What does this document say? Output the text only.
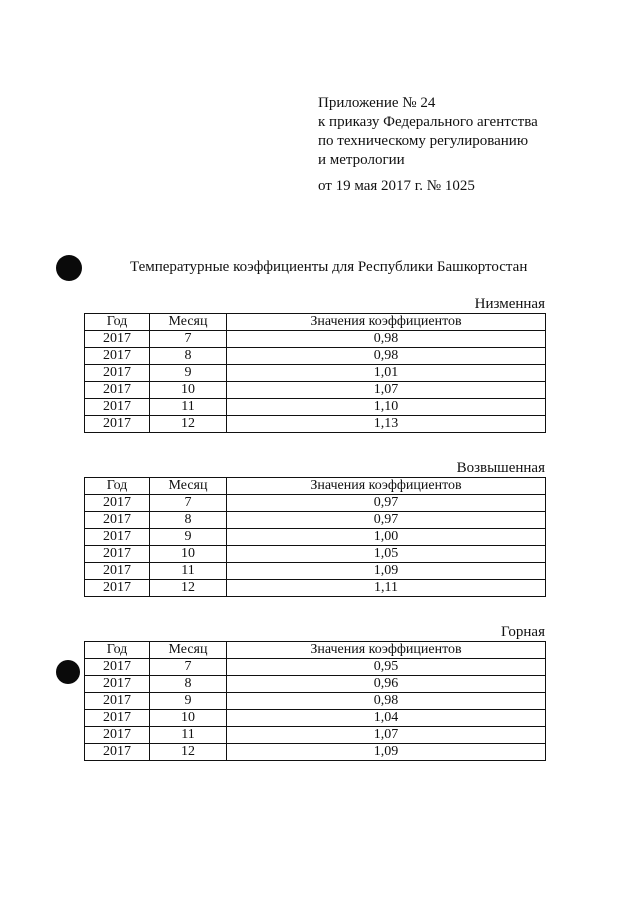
Приложение № 24
к приказу Федерального агентства
по техническому регулированию
и метрологии
от 19 мая 2017 г. № 1025
Температурные коэффициенты для Республики Башкортостан
Низменная
Год	Месяц	Значения коэффициентов
2017	7	0,98
2017	8	0,98
2017	9	1,01
2017	10	1,07
2017	11	1,10
2017	12	1,13
Возвышенная
Год	Месяц	Значения коэффициентов
2017	7	0,97
2017	8	0,97
2017	9	1,00
2017	10	1,05
2017	11	1,09
2017	12	1,11
Горная
Год	Месяц	Значения коэффициентов
2017	7	0,95
2017	8	0,96
2017	9	0,98
2017	10	1,04
2017	11	1,07
2017	12	1,09
